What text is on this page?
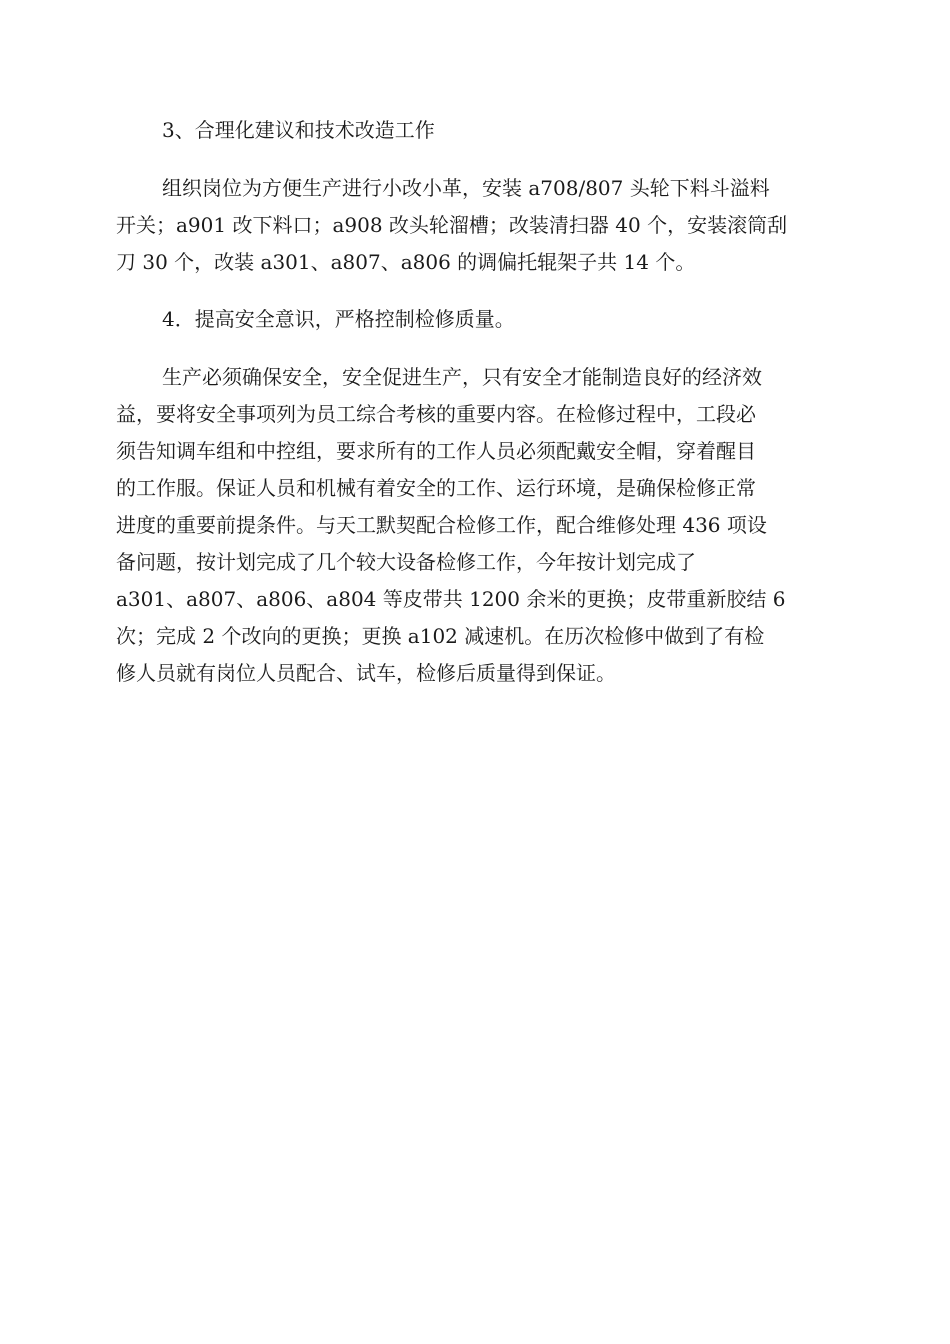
3、合理化建议和技术改造工作

组织岗位为方便生产进行小改小革，安装 a708/807 头轮下料斗溢料
开关；a901 改下料口；a908 改头轮溜槽；改装清扫器 40 个，安装滚筒刮
刀 30 个，改装 a301、a807、a806 的调偏托辊架子共 14 个。

4．提高安全意识，严格控制检修质量。

生产必须确保安全，安全促进生产，只有安全才能制造良好的经济效
益，要将安全事项列为员工综合考核的重要内容。在检修过程中，工段必
须告知调车组和中控组，要求所有的工作人员必须配戴安全帽，穿着醒目
的工作服。保证人员和机械有着安全的工作、运行环境，是确保检修正常
进度的重要前提条件。与天工默契配合检修工作，配合维修处理 436 项设
备问题，按计划完成了几个较大设备检修工作，今年按计划完成了
a301、a807、a806、a804 等皮带共 1200 余米的更换；皮带重新胶结 6
次；完成 2 个改向的更换；更换 a102 减速机。在历次检修中做到了有检
修人员就有岗位人员配合、试车，检修后质量得到保证。
